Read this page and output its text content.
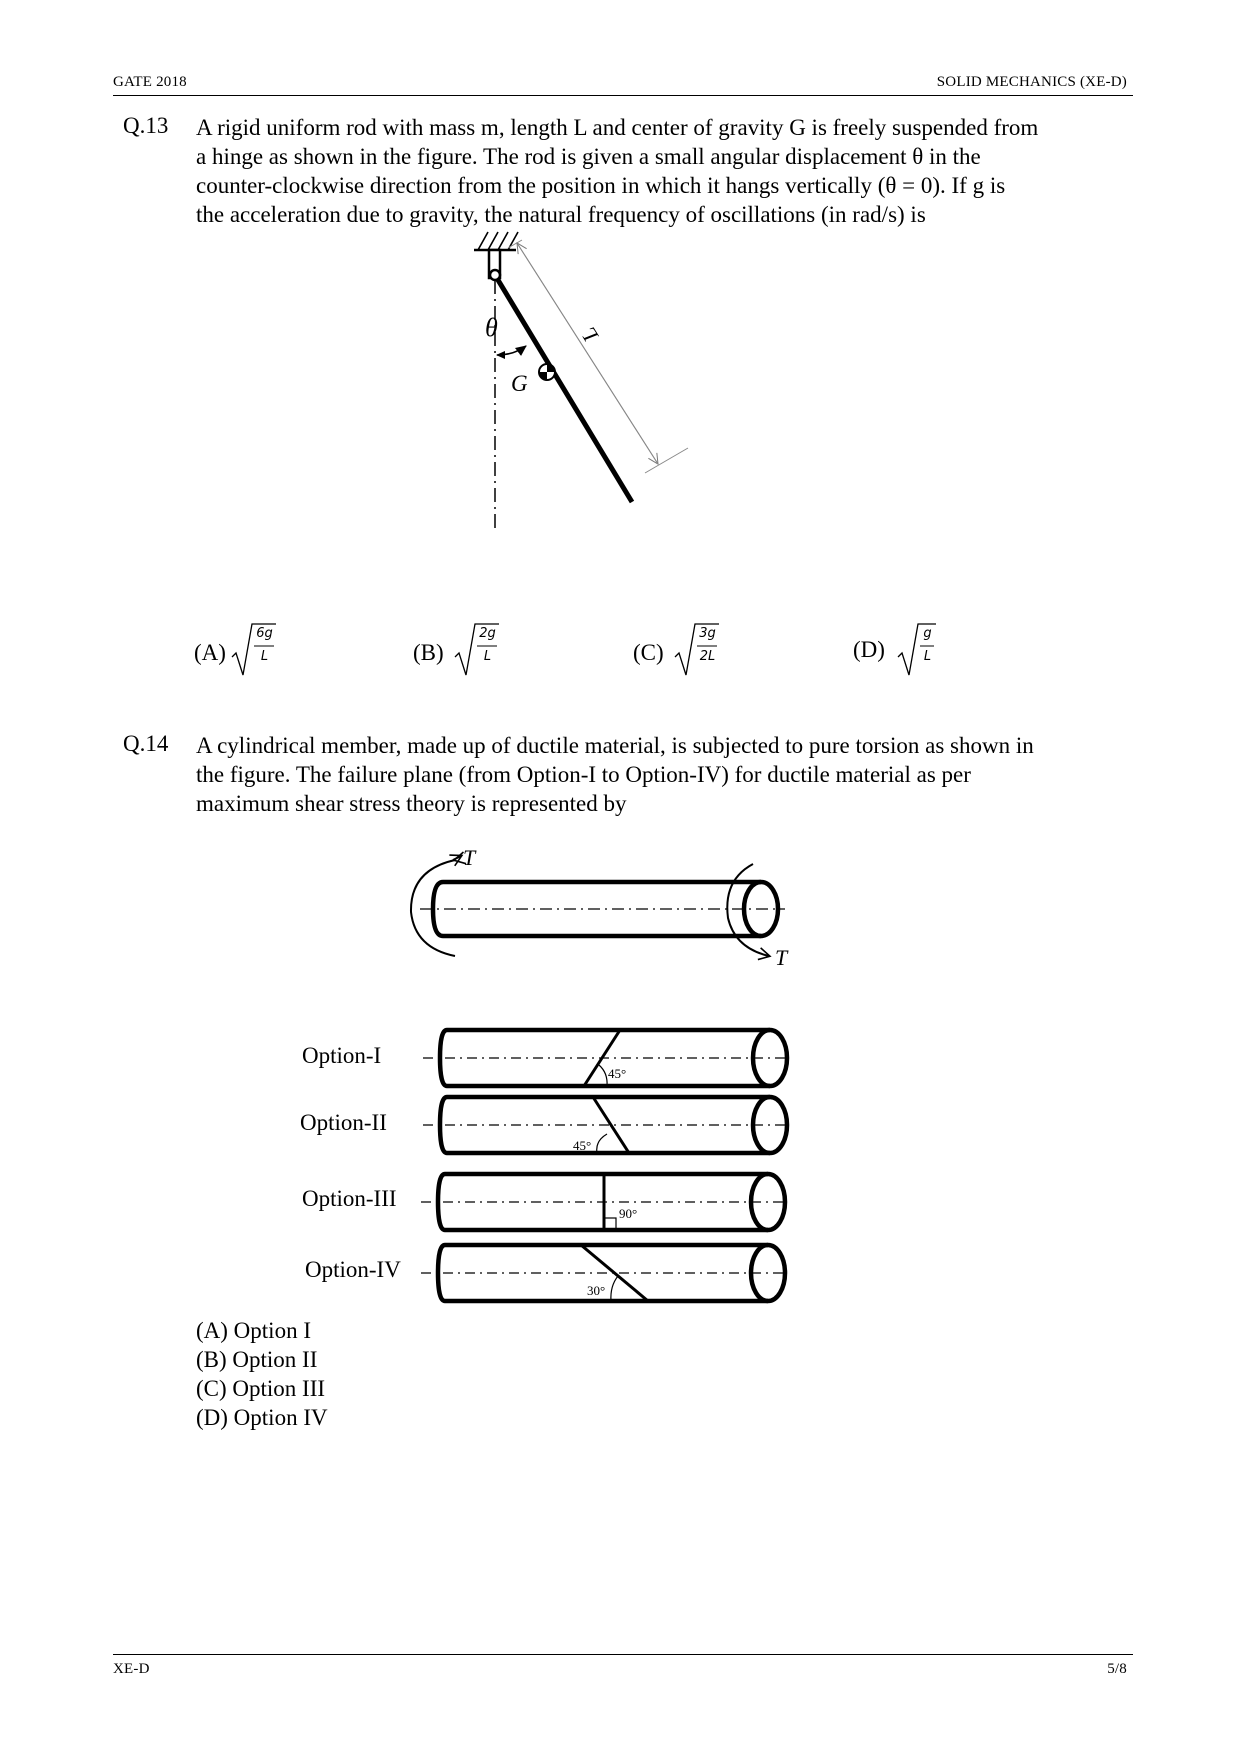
GATE 2018	SOLID MECHANICS (XE-D)
Q.13 A rigid uniform rod with mass m, length L and center of gravity G is freely suspended from
a hinge as shown in the figure. The rod is given a small angular displacement θ in the
counter-clockwise direction from the position in which it hangs vertically (θ = 0). If g is
the acceleration due to gravity, the natural frequency of oscillations (in rad/s) is
θ
G
L
(A)	(B)	(C)	(D)
6g
L
2g
L
3g
2L
g
L
Q.14 A cylindrical member, made up of ductile material, is subjected to pure torsion as shown in
the figure. The failure plane (from Option-I to Option-IV) for ductile material as per
maximum shear stress theory is represented by
T
T
Option-I
Option-II
Option-III
Option-IV
45°
45°
90°
30°
(A) Option I
(B) Option II
(C) Option III
(D) Option IV
XE-D	5/8
